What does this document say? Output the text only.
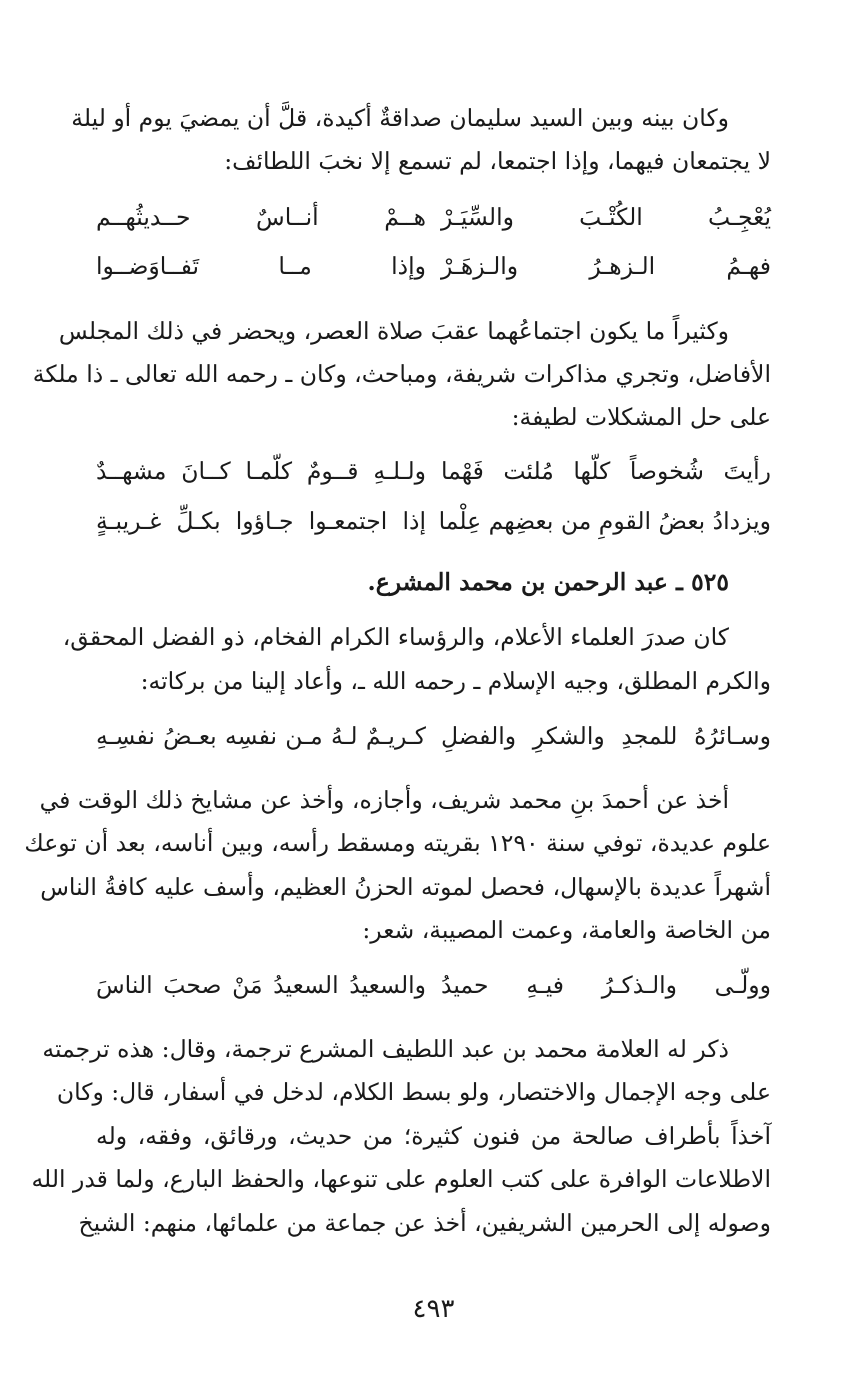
وكان بينه وبين السيد سليمان صداقةٌ أكيدة، قلَّ أن يمضيَ يوم أو ليلة
لا يجتمعان فيهما، وإذا اجتمعا، لم تسمع إلا نخبَ اللطائف:
هــمْ أنــاسٌ حــديثُهــم يُعْجِـبُ الكُتْـبَ والسِّيَـرْ
وإذا مــا تَفــاوَضــوا فهـمُ الـزهـرُ والـزهَـرْ
وكثيراً ما يكون اجتماعُهما عقبَ صلاة العصر، ويحضر في ذلك المجلس
الأفاضل، وتجري مذاكرات شريفة، ومباحث، وكان ـ رحمه الله تعالى ـ ذا ملكة
على حل المشكلات لطيفة:
ولـلـهِ قــومٌ كلّمـا كــانَ مشهــدٌ رأيتَ شُخوصاً كلّها مُلئت فَهْما
إذا اجتمعـوا جـاؤوا بكـلِّ غـريبـةٍ ويزدادُ بعضُ القومِ من بعضِهم عِلْما
٥٢٥ ـ عبد الرحمن بن محمد المشرع.
كان صدرَ العلماء الأعلام، والرؤساء الكرام الفخام، ذو الفضل المحقق،
والكرم المطلق، وجيه الإسلام ـ رحمه الله ـ، وأعاد إلينا من بركاته:
كـريـمٌ لـهُ مـن نفسِه بعـضُ نفسِـهِ وسـائرُهُ للمجدِ والشكرِ والفضلِ
أخذ عن أحمدَ بنِ محمد شريف، وأجازه، وأخذ عن مشايخ ذلك الوقت في
علوم عديدة، توفي سنة ١٢٩٠ بقريته ومسقط رأسه، وبين أناسه، بعد أن توعك
أشهراً عديدة بالإسهال، فحصل لموته الحزنُ العظيم، وأسف عليه كافةُ الناس
من الخاصة والعامة، وعمت المصيبة، شعر:
والسعيدُ السعيدُ مَنْ صحبَ الناسَ وولّـى والـذكـرُ فيـهِ حميدُ
ذكر له العلامة محمد بن عبد اللطيف المشرع ترجمة، وقال: هذه ترجمته
على وجه الإجمال والاختصار، ولو بسط الكلام، لدخل في أسفار، قال: وكان
آخذاً بأطراف صالحة من فنون كثيرة؛ من حديث، ورقائق، وفقه، وله
الاطلاعات الوافرة على كتب العلوم على تنوعها، والحفظ البارع، ولما قدر الله
وصوله إلى الحرمين الشريفين، أخذ عن جماعة من علمائها، منهم: الشيخ
٤٩٣
